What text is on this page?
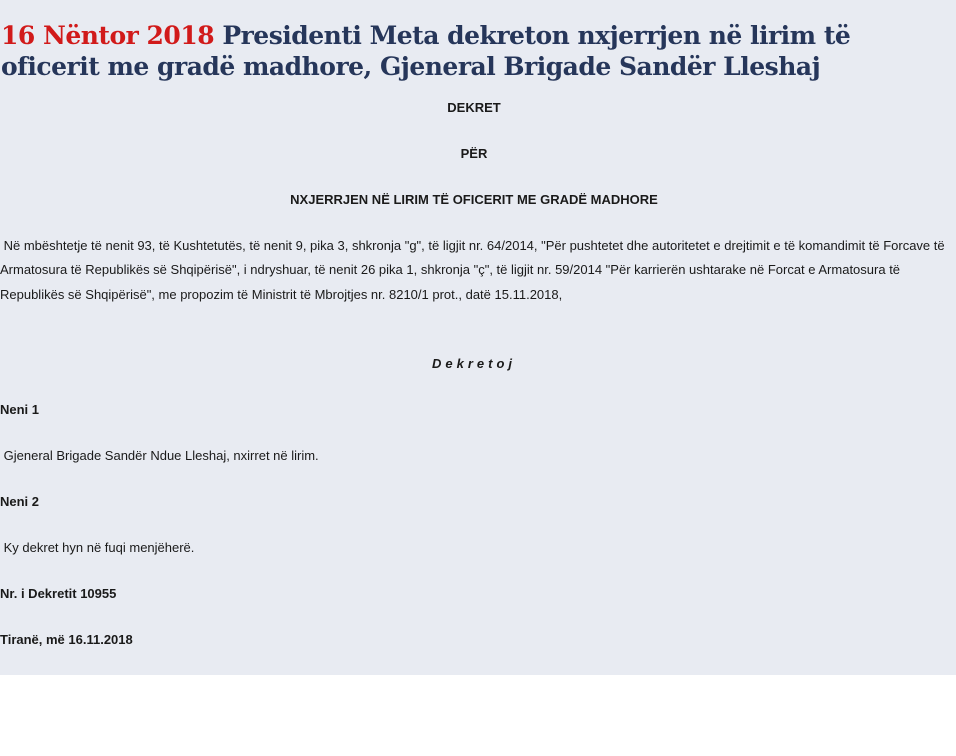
16 Nëntor 2018 Presidenti Meta dekreton nxjerrjen në lirim të oficerit me gradë madhore, Gjeneral Brigade Sandër Lleshaj
DEKRET
PËR
NXJERRJEN NË LIRIM TË OFICERIT ME GRADË MADHORE
Në mbështetje të nenit 93, të Kushtetutës, të nenit 9, pika 3, shkronja "g", të ligjit nr. 64/2014, "Për pushtetet dhe autoritetet e drejtimit e të komandimit të Forcave të Armatosura të Republikës së Shqipërisë", i ndryshuar, të nenit 26 pika 1, shkronja "ç", të ligjit nr. 59/2014 "Për karrierën ushtarake në Forcat e Armatosura të Republikës së Shqipërisë", me propozim të Ministrit të Mbrojtjes nr. 8210/1 prot., datë 15.11.2018,
Dekretoj
Neni 1
Gjeneral Brigade Sandër Ndue Lleshaj, nxirret në lirim.
Neni 2
Ky dekret hyn në fuqi menjëherë.
Nr. i Dekretit 10955
Tiranë, më 16.11.2018
